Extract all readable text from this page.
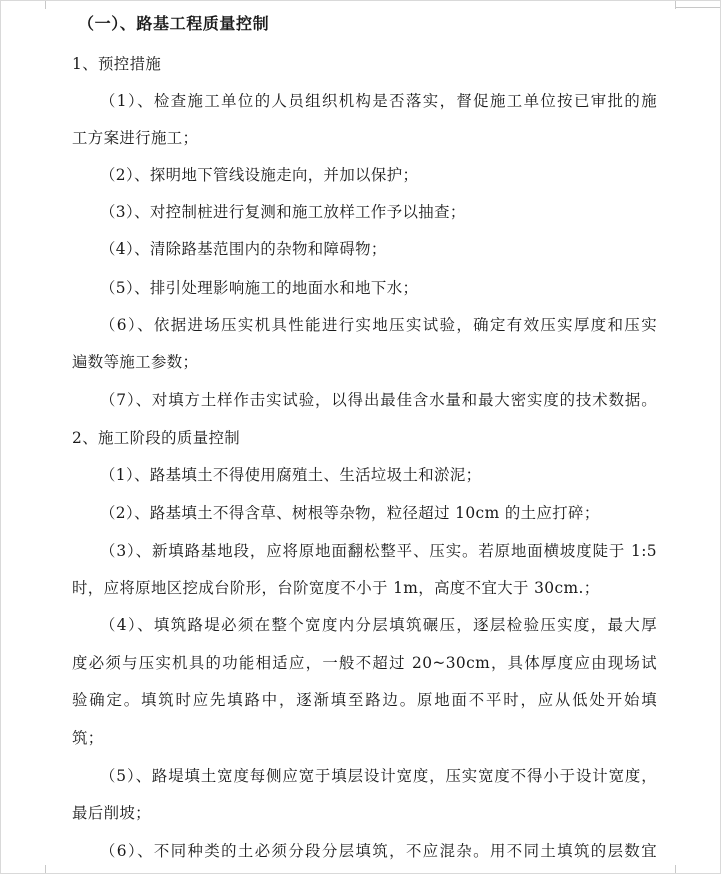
（一）、路基工程质量控制
1、预控措施
（1）、检查施工单位的人员组织机构是否落实，督促施工单位按已审批的施
工方案进行施工；
（2）、探明地下管线设施走向，并加以保护；
（3）、对控制桩进行复测和施工放样工作予以抽查；
（4）、清除路基范围内的杂物和障碍物；
（5）、排引处理影响施工的地面水和地下水；
（6）、依据进场压实机具性能进行实地压实试验，确定有效压实厚度和压实
遍数等施工参数；
（7）、对填方土样作击实试验，以得出最佳含水量和最大密实度的技术数据。
2、施工阶段的质量控制
（1）、路基填土不得使用腐殖土、生活垃圾土和淤泥；
（2）、路基填土不得含草、树根等杂物，粒径超过 10cm 的土应打碎；
（3）、新填路基地段，应将原地面翻松整平、压实。若原地面横坡度陡于 1:5
时，应将原地区挖成台阶形，台阶宽度不小于 1m，高度不宜大于 30cm.；
（4）、填筑路堤必须在整个宽度内分层填筑碾压，逐层检验压实度，最大厚
度必须与压实机具的功能相适应，一般不超过 20~30cm，具体厚度应由现场试
验确定。填筑时应先填路中，逐渐填至路边。原地面不平时，应从低处开始填
筑；
（5）、路堤填土宽度每侧应宽于填层设计宽度，压实宽度不得小于设计宽度，
最后削坡；
（6）、不同种类的土必须分段分层填筑，不应混杂。用不同土填筑的层数宜
